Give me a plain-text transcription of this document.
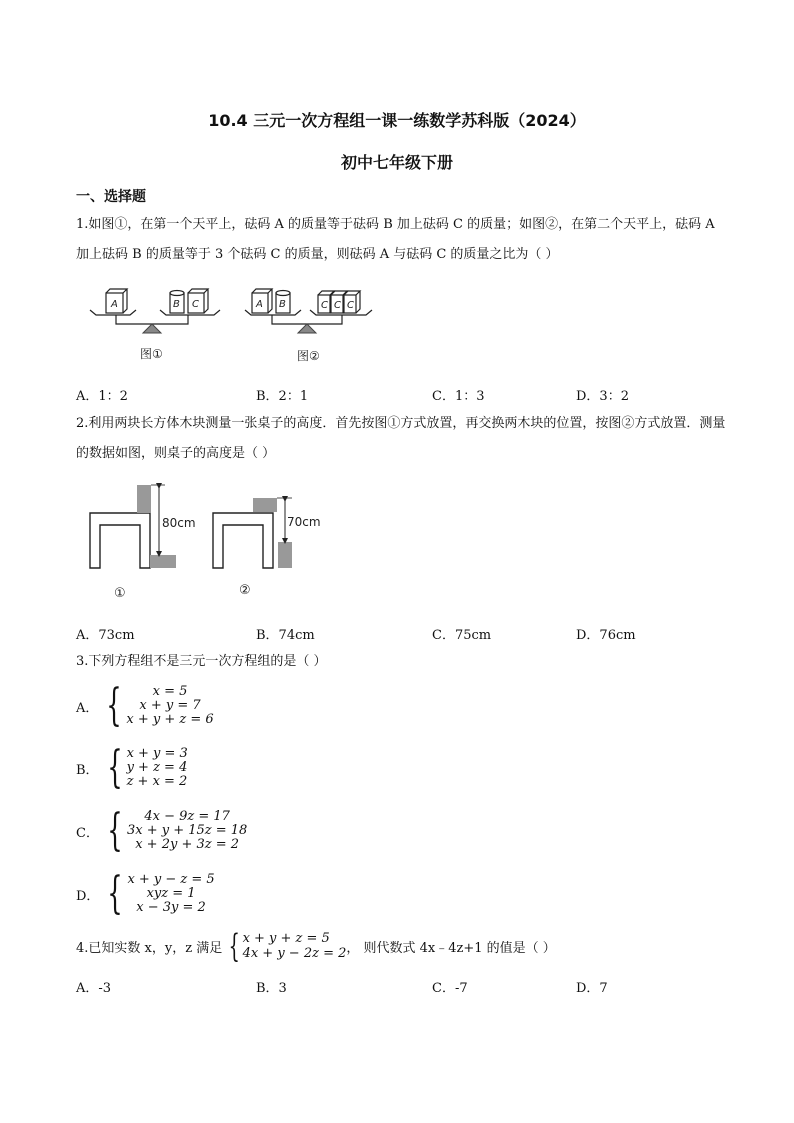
10.4 三元一次方程组一课一练数学苏科版（2024）
初中七年级下册
一、选择题
1.如图①，在第一个天平上，砝码 A 的质量等于砝码 B 加上砝码 C 的质量；如图②，在第二个天平上，砝码 A 加上砝码 B 的质量等于 3 个砝码 C 的质量，则砝码 A 与砝码 C 的质量之比为（ ）
A	B C	A B	C C C
图①	图②
A．1：2	B．2：1	C．1：3	D．3：2
2.利用两块长方体木块测量一张桌子的高度．首先按图①方式放置，再交换两木块的位置，按图②方式放置．测量的数据如图，则桌子的高度是（ ）
80cm	70cm
①	②
A．73cm	B．74cm	C．75cm	D．76cm
3.下列方程组不是三元一次方程组的是（ ）
A． { x = 5
x + y = 7
x + y + z = 6
B． { x + y = 3
y + z = 4
z + x = 2
C． { 4x − 9z = 17
3x + y + 15z = 18
x + 2y + 3z = 2
D． { x + y − z = 5
xyz = 1
x − 3y = 2
4.已知实数 x，y，z 满足 { x + y + z = 5
4x + y − 2z = 2 ， 则代数式 4x﹣4z+1 的值是（ ）
A．-3	B．3	C．-7	D．7
